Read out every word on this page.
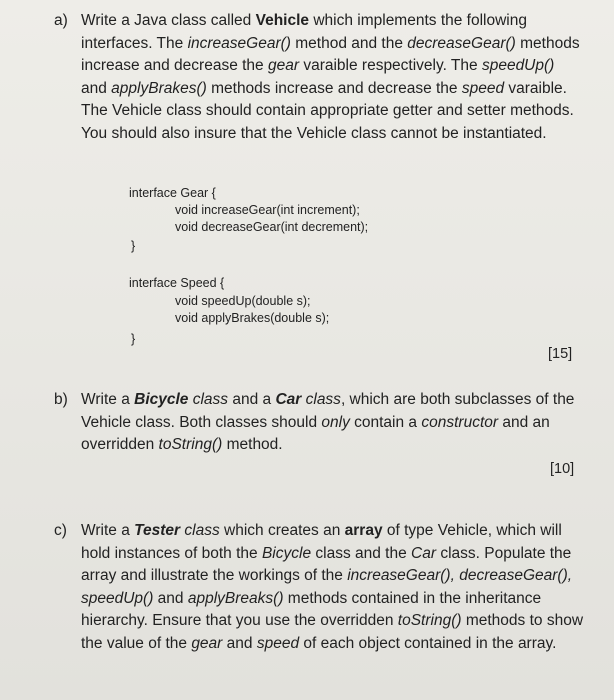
a) Write a Java class called Vehicle which implements the following interfaces. The increaseGear() method and the decreaseGear() methods increase and decrease the gear varaible respectively. The speedUp() and applyBrakes() methods increase and decrease the speed varaible. The Vehicle class should contain appropriate getter and setter methods. You should also insure that the Vehicle class cannot be instantiated.
interface Gear {
void increaseGear(int increment);
void decreaseGear(int decrement);
}
interface Speed {
void speedUp(double s);
void applyBrakes(double s);
}
[15]
b) Write a Bicycle class and a Car class, which are both subclasses of the Vehicle class. Both classes should only contain a constructor and an overridden toString() method.
[10]
c) Write a Tester class which creates an array of type Vehicle, which will hold instances of both the Bicycle class and the Car class. Populate the array and illustrate the workings of the increaseGear(), decreaseGear(), speedUp() and applyBreaks() methods contained in the inheritance hierarchy. Ensure that you use the overridden toString() methods to show the value of the gear and speed of each object contained in the array.
